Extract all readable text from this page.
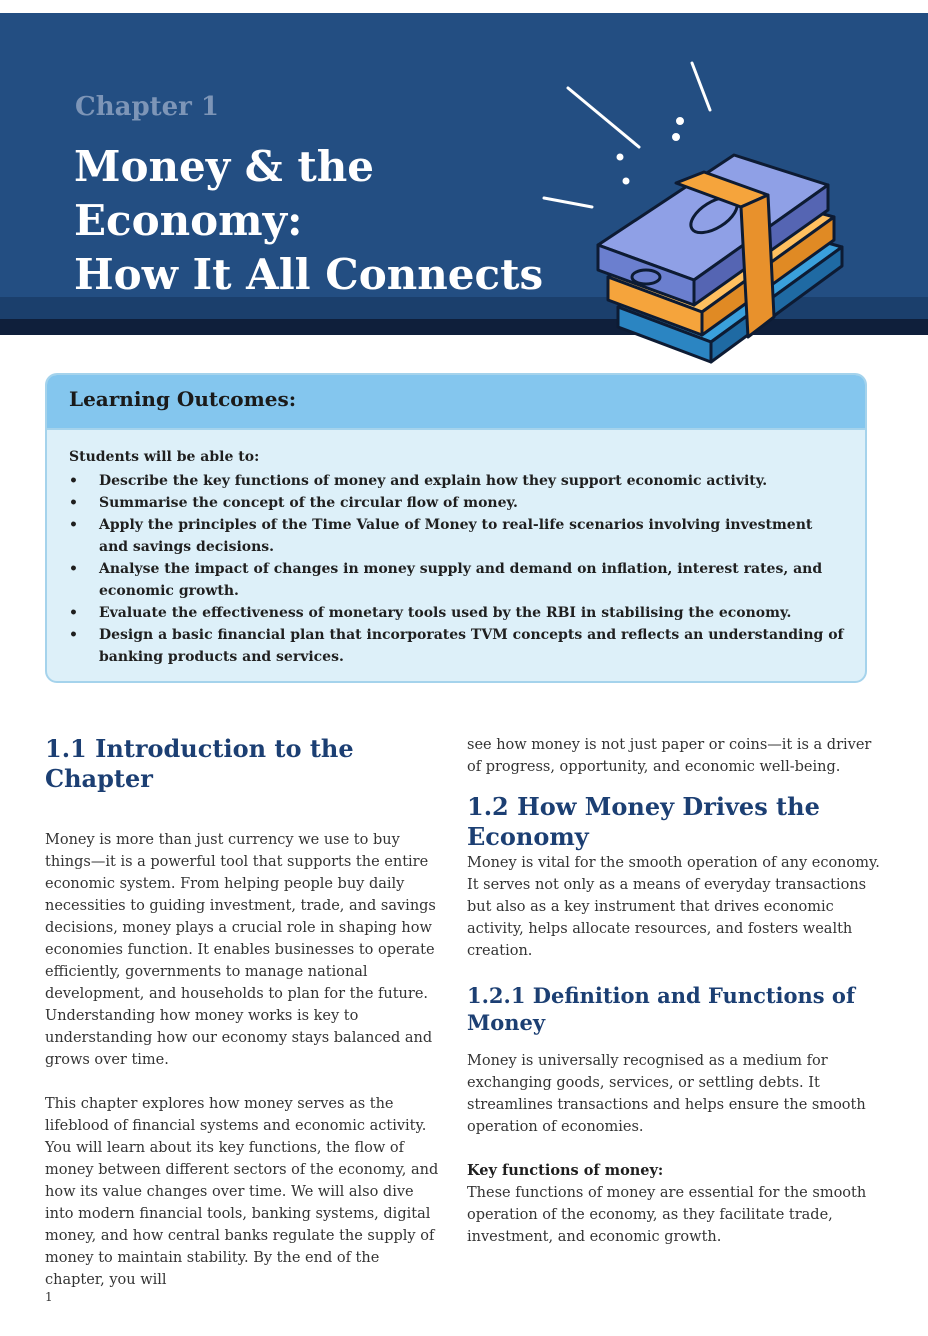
Chapter 1

Money & the Economy:
How It All Connects
Learning Outcomes:

Students will be able to:

• Describe the key functions of money and explain how they support economic activity.
• Summarise the concept of the circular flow of money.
• Apply the principles of the Time Value of Money to real-life scenarios involving investment and savings decisions.
• Analyse the impact of changes in money supply and demand on inflation, interest rates, and economic growth.
• Evaluate the effectiveness of monetary tools used by the RBI in stabilising the economy.
• Design a basic financial plan that incorporates TVM concepts and reflects an understanding of banking products and services.
1.1 Introduction to the Chapter

Money is more than just currency we use to buy things—it is a powerful tool that supports the entire economic system. From helping people buy daily necessities to guiding investment, trade, and savings decisions, money plays a crucial role in shaping how economies function. It enables businesses to operate efficiently, governments to manage national development, and households to plan for the future. Understanding how money works is key to understanding how our economy stays balanced and grows over time.

This chapter explores how money serves as the lifeblood of financial systems and economic activity. You will learn about its key functions, the flow of money between different sectors of the economy, and how its value changes over time. We will also dive into modern financial tools, banking systems, digital money, and how central banks regulate the supply of money to maintain stability. By the end of the chapter, you will

see how money is not just paper or coins—it is a driver of progress, opportunity, and economic well-being.

1.2 How Money Drives the Economy

Money is vital for the smooth operation of any economy. It serves not only as a means of everyday transactions but also as a key instrument that drives economic activity, helps allocate resources, and fosters wealth creation.

1.2.1 Definition and Functions of Money

Money is universally recognised as a medium for exchanging goods, services, or settling debts. It streamlines transactions and helps ensure the smooth operation of economies.

Key functions of money:

These functions of money are essential for the smooth operation of the economy, as they facilitate trade, investment, and economic growth.

1
